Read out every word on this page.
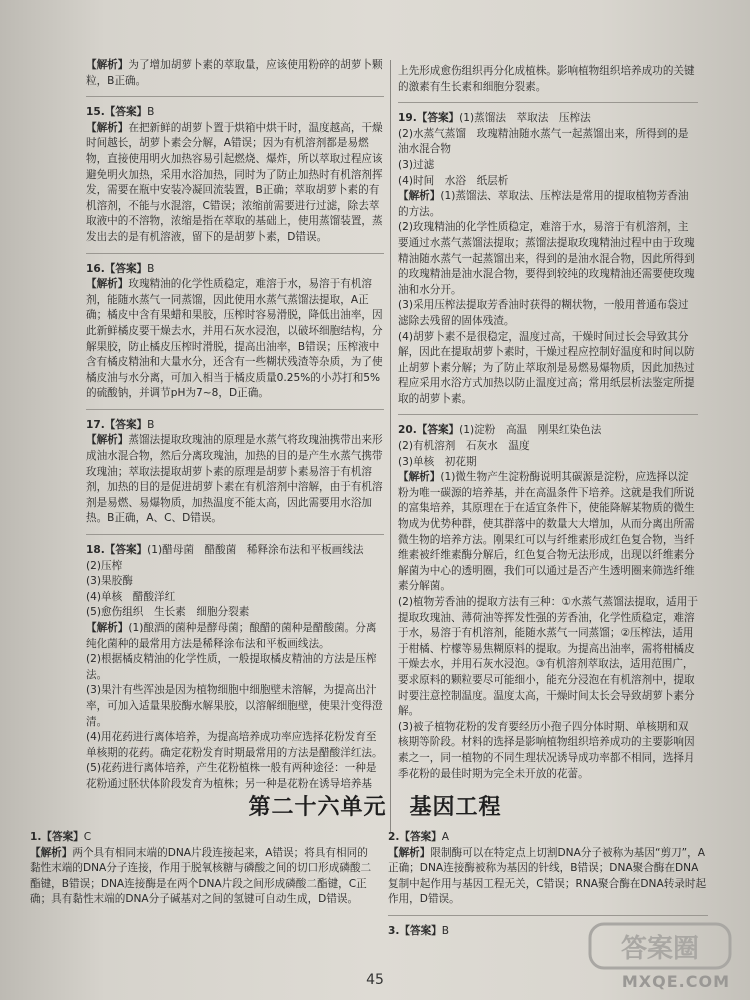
【解析】为了增加胡萝卜素的萃取量，应该使用粉碎的胡萝卜颗粒，B正确。

15.【答案】B

【解析】在把新鲜的胡萝卜置于烘箱中烘干时，温度越高，干燥时间越长，胡萝卜素会分解，A错误；因为有机溶剂都是易燃物，直接使用明火加热容易引起燃烧、爆炸，所以萃取过程应该避免明火加热，采用水浴加热，同时为了防止加热时有机溶剂挥发，需要在瓶中安装冷凝回流装置，B正确；萃取胡萝卜素的有机溶剂，不能与水混溶，C错误；浓缩前需要进行过滤，除去萃取液中的不溶物，浓缩是指在萃取的基础上，使用蒸馏装置，蒸发出去的是有机溶液，留下的是胡萝卜素，D错误。

16.【答案】B

【解析】玫瑰精油的化学性质稳定，难溶于水，易溶于有机溶剂，能随水蒸气一同蒸馏，因此使用水蒸气蒸馏法提取，A正确；橘皮中含有果蜡和果胶，压榨时容易滑脱，降低出油率，因此新鲜橘皮要干燥去水，并用石灰水浸泡，以破坏细胞结构，分解果胶，防止橘皮压榨时滑脱，提高出油率，B错误；压榨液中含有橘皮精油和大量水分，还含有一些糊状残渣等杂质，为了使橘皮油与水分离，可加入相当于橘皮质量0.25%的小苏打和5%的硫酸钠，并调节pH为7~8，D正确。

17.【答案】B

【解析】蒸馏法提取玫瑰油的原理是水蒸气将玫瑰油携带出来形成油水混合物，然后分离玫瑰油，加热的目的是产生水蒸气携带玫瑰油；萃取法提取胡萝卜素的原理是胡萝卜素易溶于有机溶剂，加热的目的是促进胡萝卜素在有机溶剂中溶解，由于有机溶剂是易燃、易爆物质，加热温度不能太高，因此需要用水浴加热。B正确，A、C、D错误。

18.【答案】(1)醋母菌　醋酸菌　稀释涂布法和平板画线法

(2)压榨

(3)果胶酶

(4)单核　醋酸洋红

(5)愈伤组织　生长素　细胞分裂素

【解析】(1)酿酒的菌种是酵母菌；酿醋的菌种是醋酸菌。分离纯化菌种的最常用方法是稀释涂布法和平板画线法。

(2)根据橘皮精油的化学性质，一般提取橘皮精油的方法是压榨法。

(3)果汁有些浑浊是因为植物细胞中细胞壁未溶解，为提高出汁率，可加入适量果胶酶水解果胶，以溶解细胞壁，使果汁变得澄清。

(4)用花药进行离体培养，为提高培养成功率应选择花粉发育至单核期的花药。确定花粉发育时期最常用的方法是醋酸洋红法。

(5)花药进行离体培养，产生花粉植株一般有两种途径：一种是花粉通过胚状体阶段发育为植株；另一种是花粉在诱导培养基

上先形成愈伤组织再分化成植株。影响植物组织培养成功的关键的激素有生长素和细胞分裂素。

19.【答案】(1)蒸馏法　萃取法　压榨法

(2)水蒸气蒸馏　玫瑰精油随水蒸气一起蒸馏出来，所得到的是油水混合物

(3)过滤

(4)时间　水浴　纸层析

【解析】(1)蒸馏法、萃取法、压榨法是常用的提取植物芳香油的方法。

(2)玫瑰精油的化学性质稳定，难溶于水，易溶于有机溶剂，主要通过水蒸气蒸馏法提取；蒸馏法提取玫瑰精油过程中由于玫瑰精油随水蒸气一起蒸馏出来，得到的是油水混合物，因此所得到的玫瑰精油是油水混合物，要得到较纯的玫瑰精油还需要使玫瑰油和水分开。

(3)采用压榨法提取芳香油时获得的糊状物，一般用普通布袋过滤除去残留的固体残渣。

(4)胡萝卜素不是很稳定，温度过高，干燥时间过长会导致其分解，因此在提取胡萝卜素时，干燥过程应控制好温度和时间以防止胡萝卜素分解；为了防止萃取剂是易燃易爆物质，因此加热过程应采用水浴方式加热以防止温度过高；常用纸层析法鉴定所提取的胡萝卜素。

20.【答案】(1)淀粉　高温　刚果红染色法

(2)有机溶剂　石灰水　温度

(3)单核　初花期

【解析】(1)微生物产生淀粉酶说明其碳源是淀粉，应选择以淀粉为唯一碳源的培养基，并在高温条件下培养。这就是我们所说的富集培养，其原理在于在适宜条件下，使能降解某物质的微生物成为优势种群，使其群落中的数量大大增加，从而分离出所需微生物的培养方法。刚果红可以与纤维素形成红色复合物，当纤维素被纤维素酶分解后，红色复合物无法形成，出现以纤维素分解菌为中心的透明圈，我们可以通过是否产生透明圈来筛选纤维素分解菌。

(2)植物芳香油的提取方法有三种：①水蒸气蒸馏法提取，适用于提取玫瑰油、薄荷油等挥发性强的芳香油，化学性质稳定，难溶于水，易溶于有机溶剂，能随水蒸气一同蒸馏；②压榨法，适用于柑橘、柠檬等易焦糊原料的提取。为提高出油率，需将柑橘皮干燥去水，并用石灰水浸泡。③有机溶剂萃取法，适用范围广，要求原料的颗粒要尽可能细小，能充分浸泡在有机溶剂中，提取时要注意控制温度。温度太高，干燥时间太长会导致胡萝卜素分解。

(3)被子植物花粉的发育要经历小孢子四分体时期、单核期和双核期等阶段。材料的选择是影响植物组织培养成功的主要影响因素之一，同一植物的不同生理状况诱导成功率都不相同，选择月季花粉的最佳时期为完全未开放的花蕾。

第二十六单元　基因工程

1.【答案】C

【解析】两个具有相同末端的DNA片段连接起来，A错误；将具有相同的黏性末端的DNA分子连接，作用于脱氧核糖与磷酸之间的切口形成磷酸二酯键，B错误；DNA连接酶是在两个DNA片段之间形成磷酸二酯键，C正确；具有黏性末端的DNA分子碱基对之间的氢键可自动生成，D错误。

2.【答案】A

【解析】限制酶可以在特定点上切割DNA分子被称为基因“剪刀”，A正确；DNA连接酶被称为基因的针线，B错误；DNA聚合酶在DNA复制中起作用与基因工程无关，C错误；RNA聚合酶在DNA转录时起作用，D错误。

3.【答案】B

45
答案圈
MXQE.COM
